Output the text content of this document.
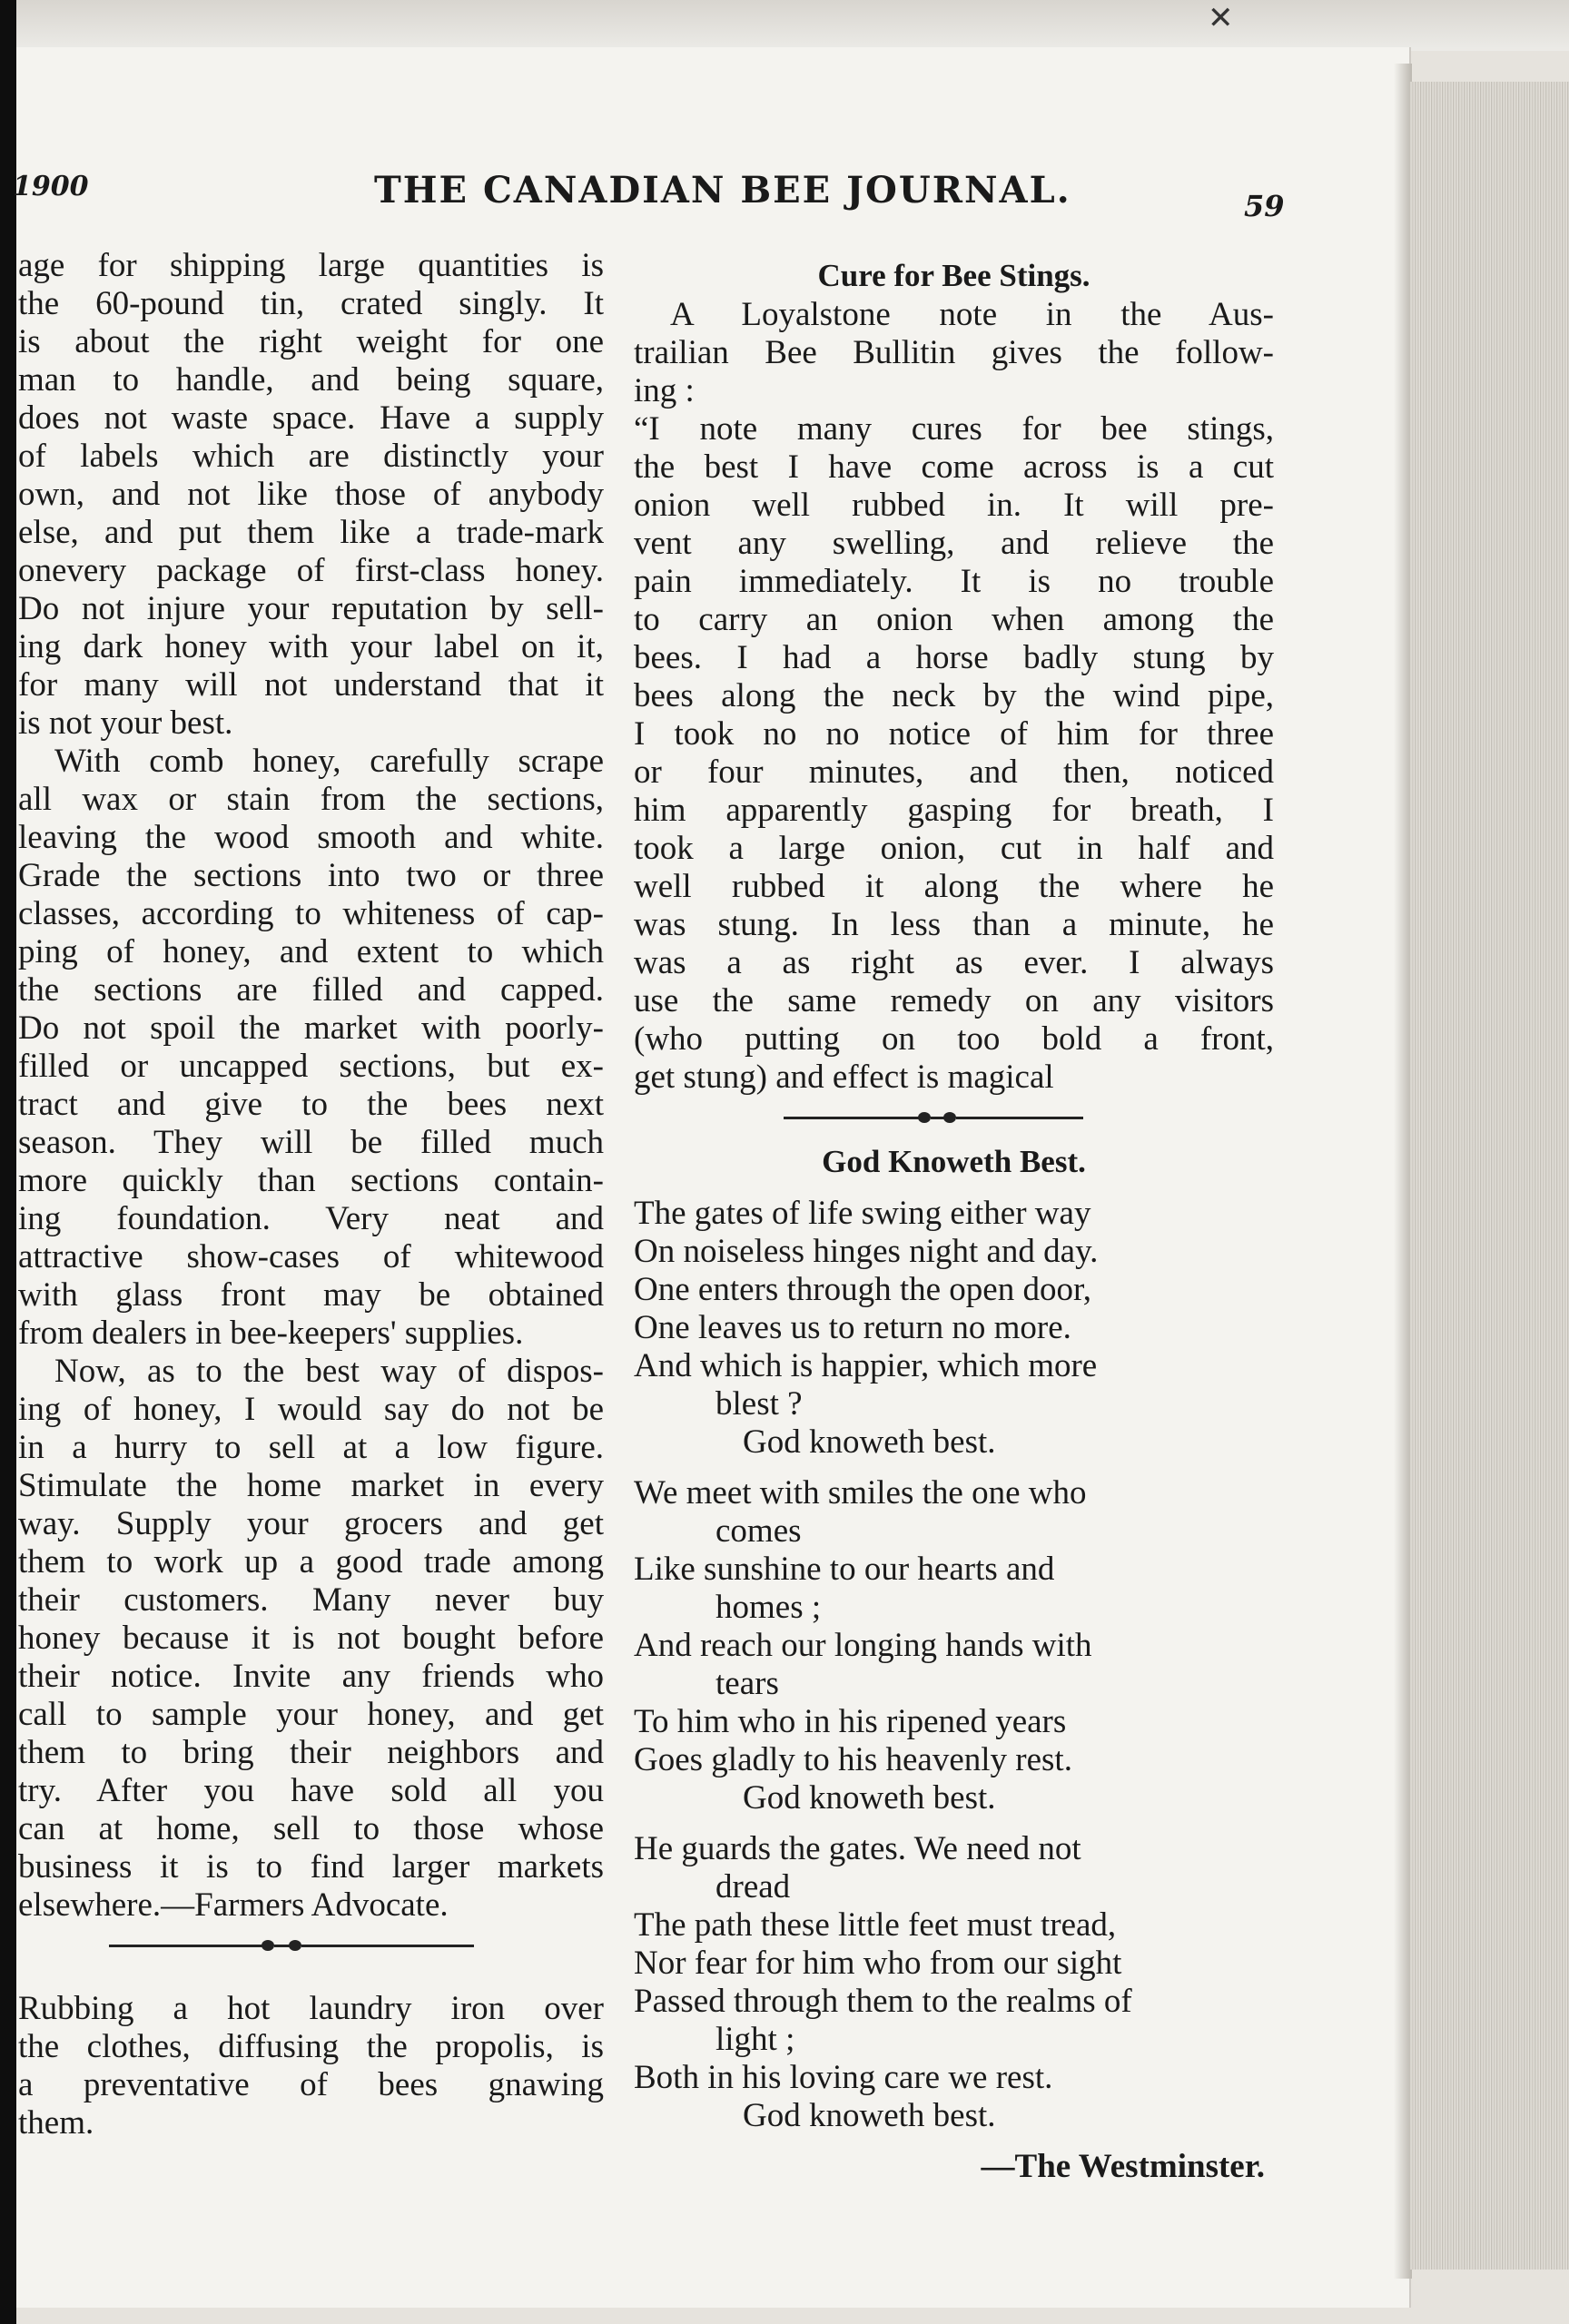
1900	THE CANADIAN BEE JOURNAL.	59
age for shipping large quantities is
the 60-pound tin, crated singly. It
is about the right weight for one
man to handle, and being square,
does not waste space. Have a supply
of labels which are distinctly your
own, and not like those of anybody
else, and put them like a trade-mark
onevery package of first-class honey.
Do not injure your reputation by sell-
ing dark honey with your label on it,
for many will not understand that it
is not your best.
With comb honey, carefully scrape
all wax or stain from the sections,
leaving the wood smooth and white.
Grade the sections into two or three
classes, according to whiteness of cap-
ping of honey, and extent to which
the sections are filled and capped.
Do not spoil the market with poorly-
filled or uncapped sections, but ex-
tract and give to the bees next
season. They will be filled much
more quickly than sections contain-
ing foundation. Very neat and
attractive show-cases of whitewood
with glass front may be obtained
from dealers in bee-keepers' supplies.
Now, as to the best way of dispos-
ing of honey, I would say do not be
in a hurry to sell at a low figure.
Stimulate the home market in every
way. Supply your grocers and get
them to work up a good trade among
their customers. Many never buy
honey because it is not bought before
their notice. Invite any friends who
call to sample your honey, and get
them to bring their neighbors and
try. After you have sold all you
can at home, sell to those whose
business it is to find larger markets
elsewhere.—Farmers Advocate.
Rubbing a hot laundry iron over
the clothes, diffusing the propolis, is
a preventative of bees gnawing
them.
Cure for Bee Stings.
A Loyalstone note in the Aus-
trailian Bee Bullitin gives the follow-
ing :
“I note many cures for bee stings,
the best I have come across is a cut
onion well rubbed in. It will pre-
vent any swelling, and relieve the
pain immediately. It is no trouble
to carry an onion when among the
bees. I had a horse badly stung by
bees along the neck by the wind pipe,
I took no no notice of him for three
or four minutes, and then, noticed
him apparently gasping for breath, I
took a large onion, cut in half and
well rubbed it along the where he
was stung. In less than a minute, he
was a as right as ever. I always
use the same remedy on any visitors
(who putting on too bold a front,
get stung) and effect is magical
God Knoweth Best.
The gates of life swing either way
On noiseless hinges night and day.
One enters through the open door,
One leaves us to return no more.
And which is happier, which more
blest ?
God knoweth best.
We meet with smiles the one who
comes
Like sunshine to our hearts and
homes ;
And reach our longing hands with
tears
To him who in his ripened years
Goes gladly to his heavenly rest.
God knoweth best.
He guards the gates. We need not
dread
The path these little feet must tread,
Nor fear for him who from our sight
Passed through them to the realms of
light ;
Both in his loving care we rest.
God knoweth best.
—The Westminster.
✕
